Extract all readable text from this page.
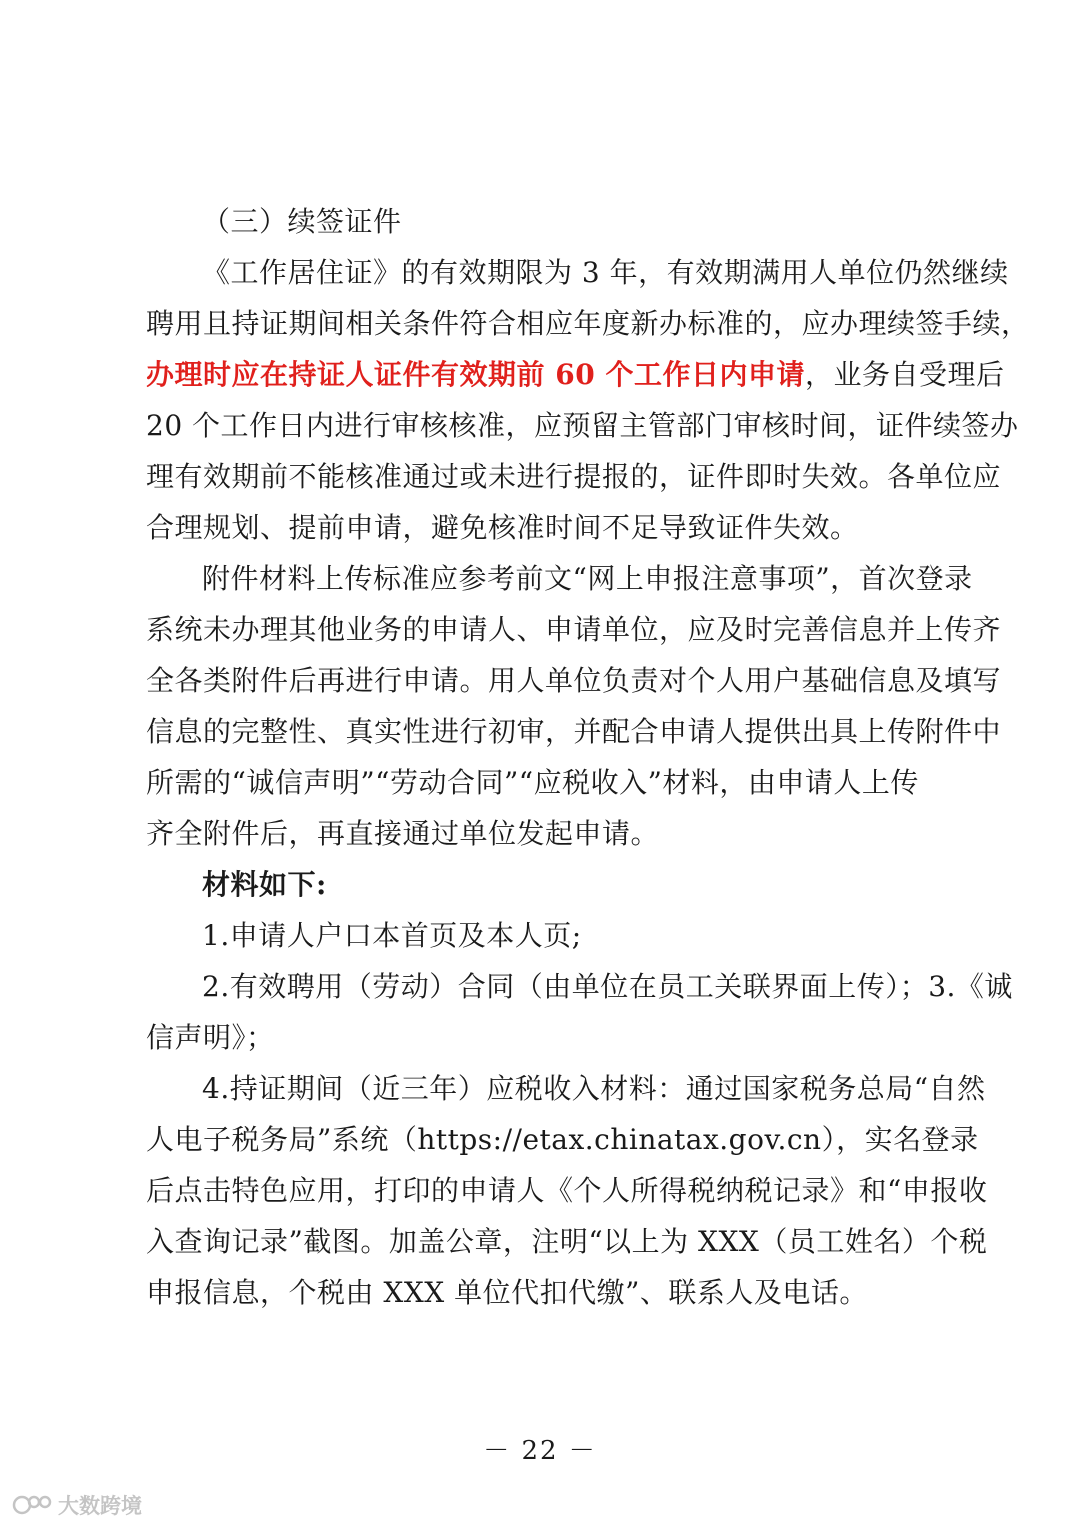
（三）续签证件
《工作居住证》的有效期限为 3 年，有效期满用人单位仍然继续
聘用且持证期间相关条件符合相应年度新办标准的，应办理续签手续，
办理时应在持证人证件有效期前 60 个工作日内申请，业务自受理后
20 个工作日内进行审核核准，应预留主管部门审核时间，证件续签办
理有效期前不能核准通过或未进行提报的，证件即时失效。各单位应
合理规划、提前申请，避免核准时间不足导致证件失效。
附件材料上传标准应参考前文“网上申报注意事项”，首次登录
系统未办理其他业务的申请人、申请单位，应及时完善信息并上传齐
全各类附件后再进行申请。用人单位负责对个人用户基础信息及填写
信息的完整性、真实性进行初审，并配合申请人提供出具上传附件中
所需的“诚信声明”“劳动合同”“应税收入”材料，由申请人上传
齐全附件后，再直接通过单位发起申请。
材料如下:
1.申请人户口本首页及本人页;
2.有效聘用（劳动）合同（由单位在员工关联界面上传）；3.《诚
信声明》；
4.持证期间（近三年）应税收入材料：通过国家税务总局“自然
人电子税务局”系统（https://etax.chinatax.gov.cn），实名登录
后点击特色应用，打印的申请人《个人所得税纳税记录》和“申报收
入查询记录”截图。加盖公章，注明“以上为 XXX（员工姓名）个税
申报信息，个税由 XXX 单位代扣代缴”、联系人及电话。
－ 22 －
大数跨境
